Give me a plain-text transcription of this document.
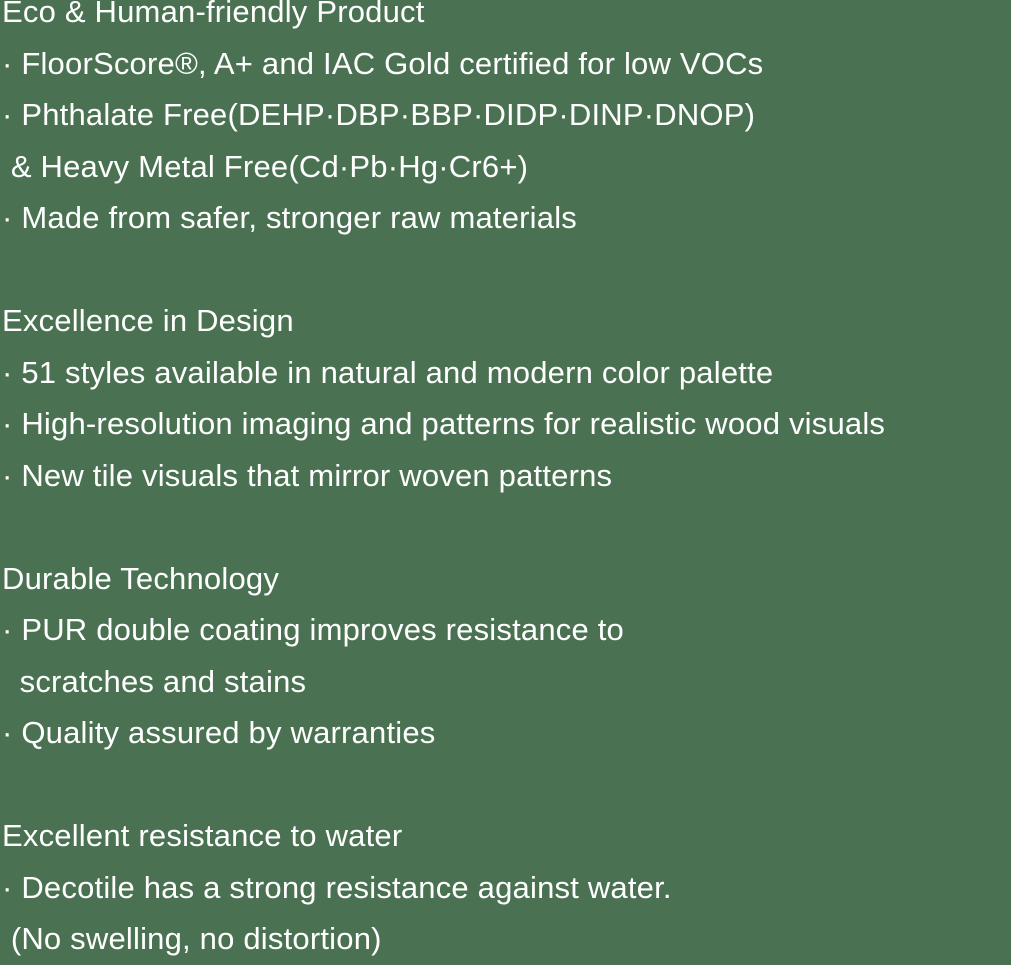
Eco & Human-friendly Product
· FloorScore®, A+ and IAC Gold certified for low VOCs
· Phthalate Free(DEHP·DBP·BBP·DIDP·DINP·DNOP)
& Heavy Metal Free(Cd·Pb·Hg·Cr6+)
· Made from safer, stronger raw materials
Excellence in Design
· 51 styles available in natural and modern color palette
· High-resolution imaging and patterns for realistic wood visuals
· New tile visuals that mirror woven patterns
Durable Technology
· PUR double coating improves resistance to
scratches and stains
· Quality assured by warranties
Excellent resistance to water
· Decotile has a strong resistance against water.
(No swelling, no distortion)
